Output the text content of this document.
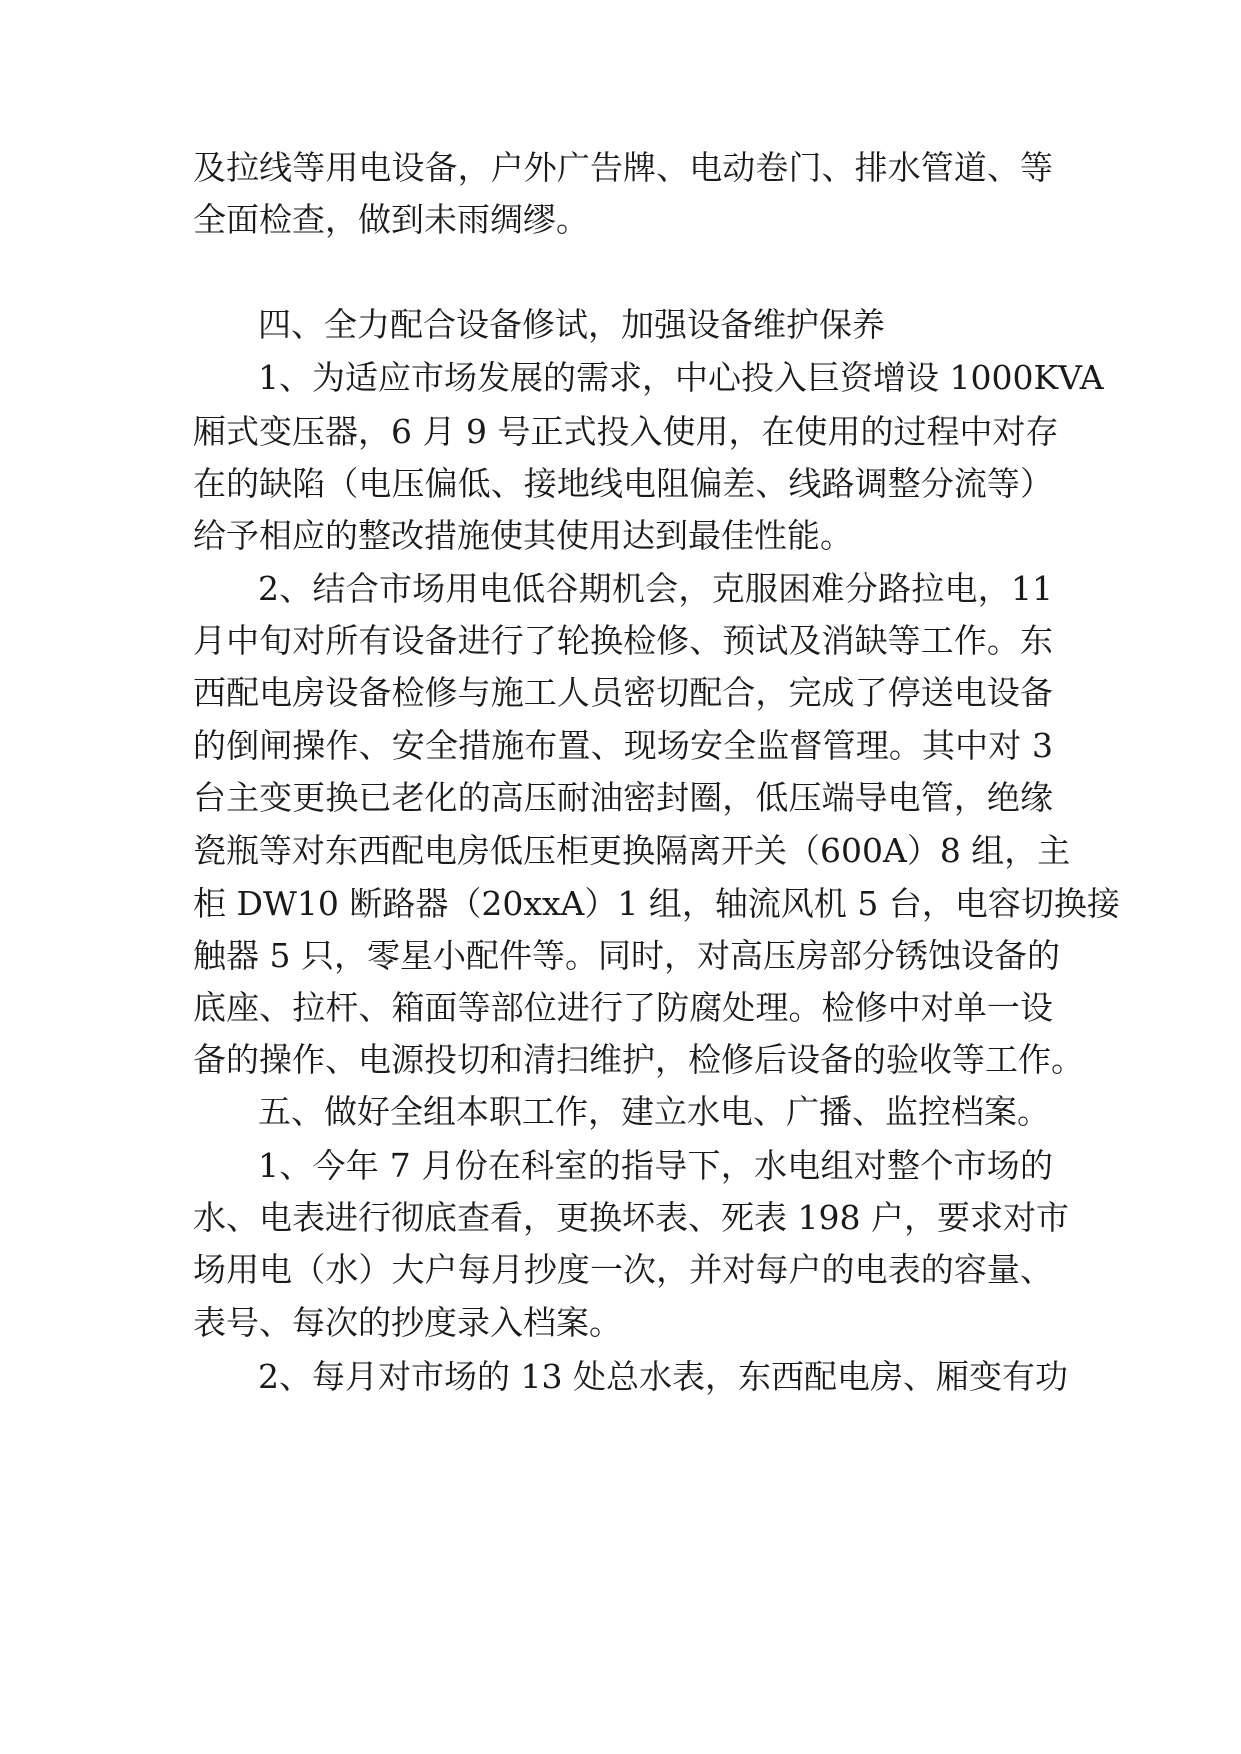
及拉线等用电设备，户外广告牌、电动卷门、排水管道、等
全面检查，做到未雨绸缪。
四、全力配合设备修试，加强设备维护保养
1、为适应市场发展的需求，中心投入巨资增设 1000KVA
厢式变压器，6 月 9 号正式投入使用，在使用的过程中对存
在的缺陷（电压偏低、接地线电阻偏差、线路调整分流等）
给予相应的整改措施使其使用达到最佳性能。
2、结合市场用电低谷期机会，克服困难分路拉电，11
月中旬对所有设备进行了轮换检修、预试及消缺等工作。东
西配电房设备检修与施工人员密切配合，完成了停送电设备
的倒闸操作、安全措施布置、现场安全监督管理。其中对 3
台主变更换已老化的高压耐油密封圈，低压端导电管，绝缘
瓷瓶等对东西配电房低压柜更换隔离开关（600A）8 组，主
柜 DW10 断路器（20xxA）1 组，轴流风机 5 台，电容切换接
触器 5 只，零星小配件等。同时，对高压房部分锈蚀设备的
底座、拉杆、箱面等部位进行了防腐处理。检修中对单一设
备的操作、电源投切和清扫维护，检修后设备的验收等工作。
五、做好全组本职工作，建立水电、广播、监控档案。
1、今年 7 月份在科室的指导下，水电组对整个市场的
水、电表进行彻底查看，更换坏表、死表 198 户，要求对市
场用电（水）大户每月抄度一次，并对每户的电表的容量、
表号、每次的抄度录入档案。
2、每月对市场的 13 处总水表，东西配电房、厢变有功
